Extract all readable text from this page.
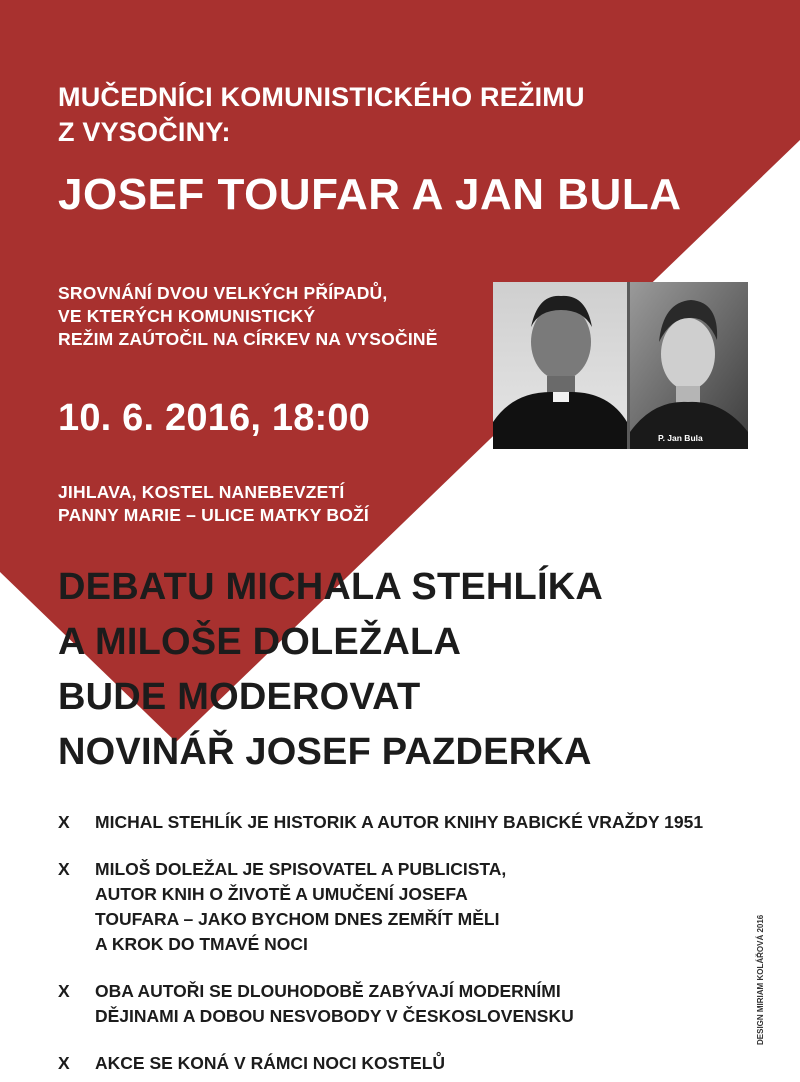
MUČEDNÍCI KOMUNISTICKÉHO REŽIMU
Z VYSOČINY:
JOSEF TOUFAR A JAN BULA
SROVNÁNÍ DVOU VELKÝCH PŘÍPADŮ,
VE KTERÝCH KOMUNISTICKÝ
REŽIM ZAÚTOČIL NA CÍRKEV NA VYSOČINĚ
P. Jan Bula
10. 6. 2016, 18:00
JIHLAVA, KOSTEL NANEBEVZETÍ
PANNY MARIE – ULICE MATKY BOŽÍ
DEBATU MICHALA STEHLÍKA
A MILOŠE DOLEŽALA
BUDE MODEROVAT
NOVINÁŘ JOSEF PAZDERKA
X	MICHAL STEHLÍK JE HISTORIK A AUTOR KNIHY BABICKÉ VRAŽDY 1951
X	MILOŠ DOLEŽAL JE SPISOVATEL A PUBLICISTA,
AUTOR KNIH O ŽIVOTĚ A UMUČENÍ JOSEFA
TOUFARA – JAKO BYCHOM DNES ZEMŘÍT MĚLI
A KROK DO TMAVÉ NOCI
X	OBA AUTOŘI SE DLOUHODOBĚ ZABÝVAJÍ MODERNÍMI
DĚJINAMI A DOBOU NESVOBODY V ČESKOSLOVENSKU
X	AKCE SE KONÁ V RÁMCI NOCI KOSTELŮ
DESIGN MIRIAM KOLÁŘOVÁ 2016
